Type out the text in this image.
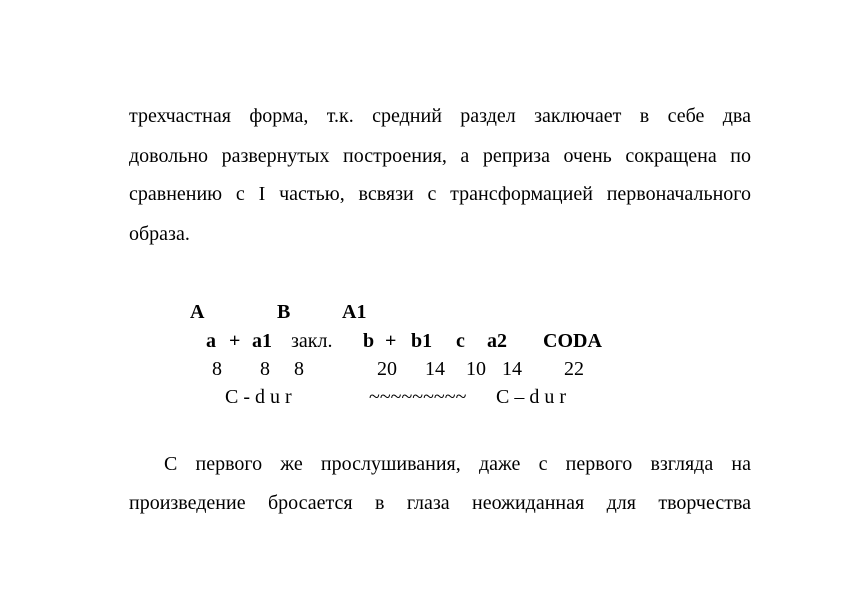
трехчастная форма, т.к. средний раздел заключает в себе два
довольно развернутых построения, а реприза очень сокращена по
сравнению с I частью, всвязи с трансформацией первоначального
образа.
A	B	A1
a + a1 закл. b + b1 c a2 CODA
8 8 8	20 14 10 14 22
C - d u r	~~~~~~~~~ C – d u r
С первого же прослушивания, даже с первого взгляда на
произведение бросается в глаза неожиданная для творчества
